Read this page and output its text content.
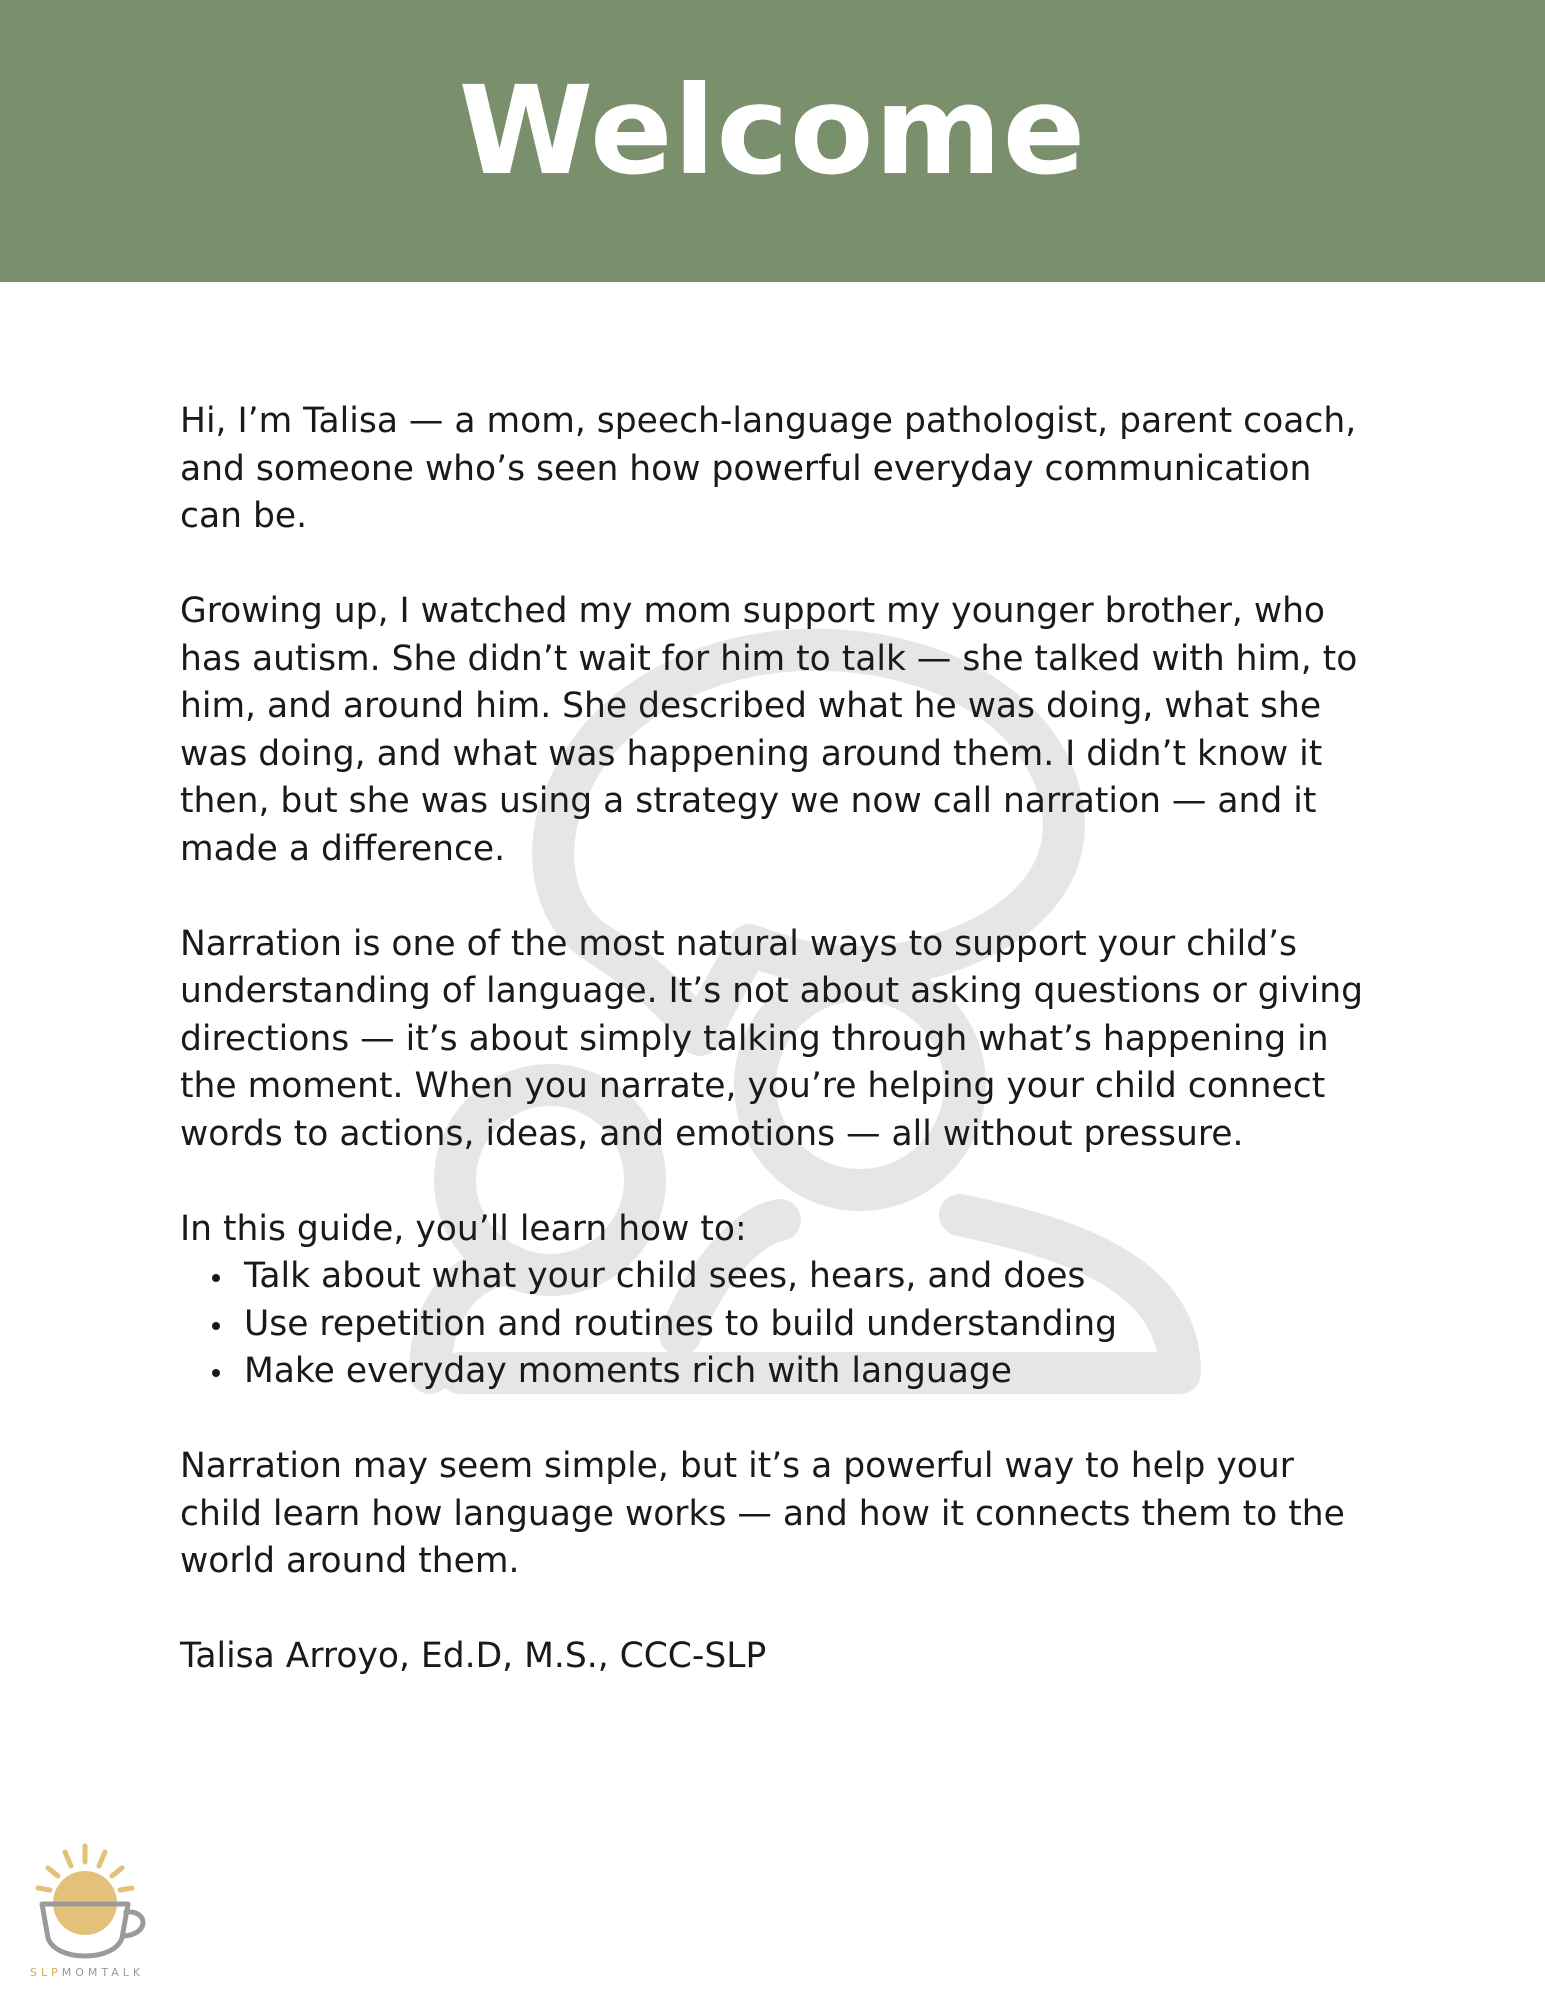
Welcome

Hi, I’m Talisa — a mom, speech-language pathologist, parent coach, and someone who’s seen how powerful everyday communication can be.

Growing up, I watched my mom support my younger brother, who has autism. She didn’t wait for him to talk — she talked with him, to him, and around him. She described what he was doing, what she was doing, and what was happening around them. I didn’t know it then, but she was using a strategy we now call narration — and it made a difference.

Narration is one of the most natural ways to support your child’s understanding of language. It’s not about asking questions or giving directions — it’s about simply talking through what’s happening in the moment. When you narrate, you’re helping your child connect words to actions, ideas, and emotions — all without pressure.

In this guide, you’ll learn how to:

Talk about what your child sees, hears, and does
Use repetition and routines to build understanding
Make everyday moments rich with language

Narration may seem simple, but it’s a powerful way to help your child learn how language works — and how it connects them to the world around them.

Talisa Arroyo, Ed.D, M.S., CCC-SLP

SLPMOMTALK
